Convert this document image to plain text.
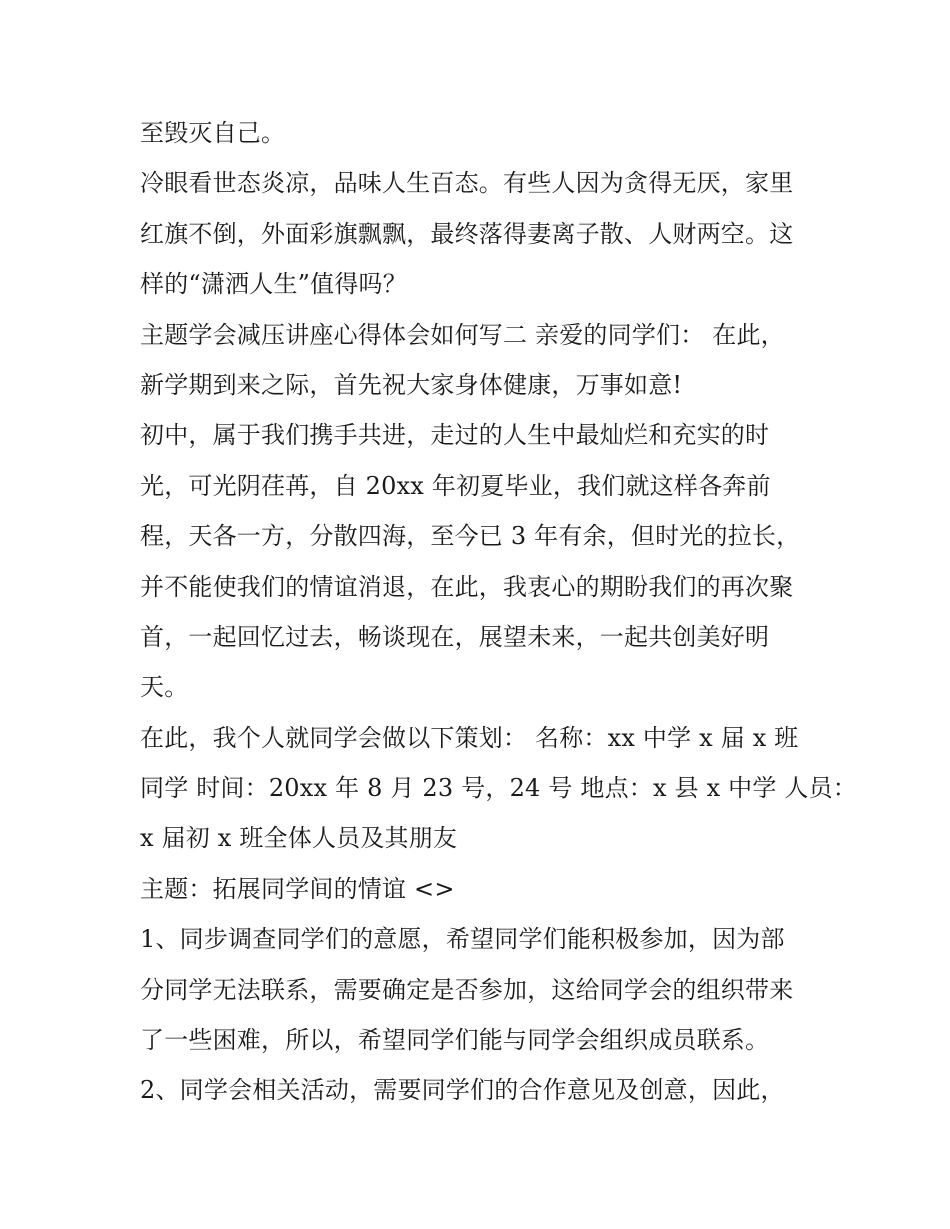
至毁灭自己。
冷眼看世态炎凉，品味人生百态。有些人因为贪得无厌，家里
红旗不倒，外面彩旗飘飘，最终落得妻离子散、人财两空。这
样的“潇洒人生”值得吗？
主题学会减压讲座心得体会如何写二 亲爱的同学们： 在此，
新学期到来之际，首先祝大家身体健康，万事如意!
初中，属于我们携手共进，走过的人生中最灿烂和充实的时
光，可光阴荏苒，自 20xx 年初夏毕业，我们就这样各奔前
程，天各一方，分散四海，至今已 3 年有余，但时光的拉长，
并不能使我们的情谊消退，在此，我衷心的期盼我们的再次聚
首，一起回忆过去，畅谈现在，展望未来，一起共创美好明
天。
在此，我个人就同学会做以下策划： 名称：xx 中学 x 届 x 班
同学 时间：20xx 年 8 月 23 号，24 号 地点：x 县 x 中学 人员：
x 届初 x 班全体人员及其朋友
主题：拓展同学间的情谊 <>
1、同步调查同学们的意愿，希望同学们能积极参加，因为部
分同学无法联系，需要确定是否参加，这给同学会的组织带来
了一些困难，所以，希望同学们能与同学会组织成员联系。
2、同学会相关活动，需要同学们的合作意见及创意，因此，
